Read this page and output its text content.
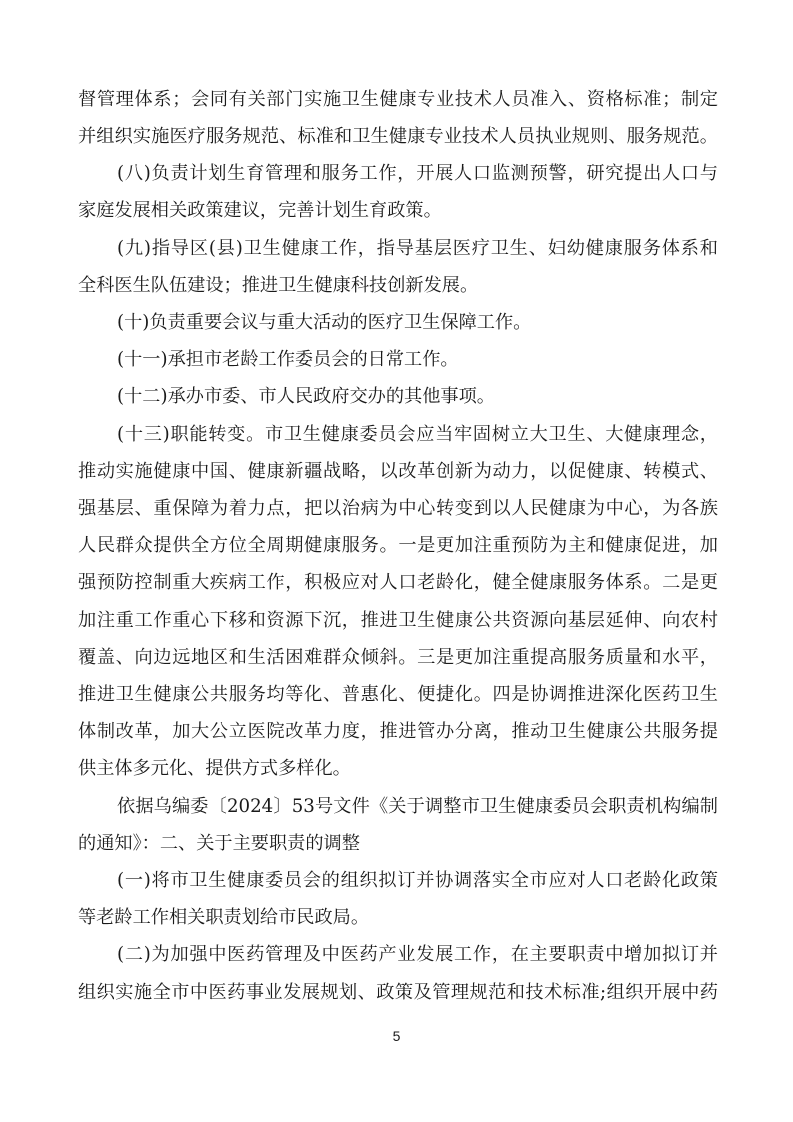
督管理体系；会同有关部门实施卫生健康专业技术人员准入、资格标准；制定
并组织实施医疗服务规范、标准和卫生健康专业技术人员执业规则、服务规范。
(八)负责计划生育管理和服务工作，开展人口监测预警，研究提出人口与
家庭发展相关政策建议，完善计划生育政策。
(九)指导区(县)卫生健康工作，指导基层医疗卫生、妇幼健康服务体系和
全科医生队伍建设；推进卫生健康科技创新发展。
(十)负责重要会议与重大活动的医疗卫生保障工作。
(十一)承担市老龄工作委员会的日常工作。
(十二)承办市委、市人民政府交办的其他事项。
(十三)职能转变。市卫生健康委员会应当牢固树立大卫生、大健康理念，
推动实施健康中国、健康新疆战略，以改革创新为动力，以促健康、转模式、
强基层、重保障为着力点，把以治病为中心转变到以人民健康为中心，为各族
人民群众提供全方位全周期健康服务。一是更加注重预防为主和健康促进，加
强预防控制重大疾病工作，积极应对人口老龄化，健全健康服务体系。二是更
加注重工作重心下移和资源下沉，推进卫生健康公共资源向基层延伸、向农村
覆盖、向边远地区和生活困难群众倾斜。三是更加注重提高服务质量和水平，
推进卫生健康公共服务均等化、普惠化、便捷化。四是协调推进深化医药卫生
体制改革，加大公立医院改革力度，推进管办分离，推动卫生健康公共服务提
供主体多元化、提供方式多样化。
依据乌编委〔2024〕53号文件《关于调整市卫生健康委员会职责机构编制
的通知》：二、关于主要职责的调整
(一)将市卫生健康委员会的组织拟订并协调落实全市应对人口老龄化政策
等老龄工作相关职责划给市民政局。
(二)为加强中医药管理及中医药产业发展工作，在主要职责中增加拟订并
组织实施全市中医药事业发展规划、政策及管理规范和技术标准;组织开展中药
5
